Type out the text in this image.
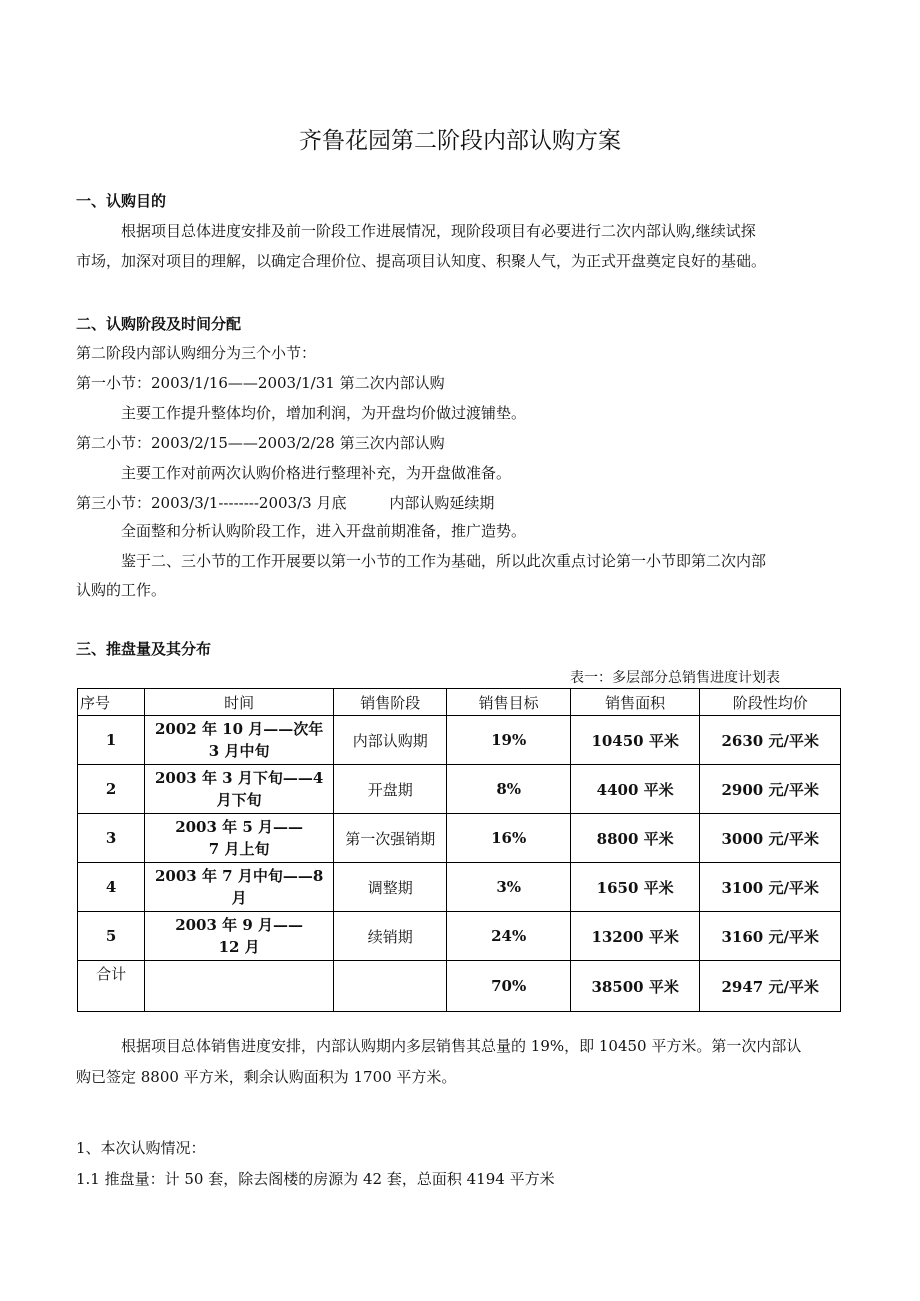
齐鲁花园第二阶段内部认购方案
一、认购目的
根据项目总体进度安排及前一阶段工作进展情况，现阶段项目有必要进行二次内部认购,继续试探
市场，加深对项目的理解，以确定合理价位、提高项目认知度、积聚人气，为正式开盘奠定良好的基础。
二、认购阶段及时间分配
第二阶段内部认购细分为三个小节：
第一小节：2003/1/16——2003/1/31 第二次内部认购
主要工作提升整体均价，增加利润，为开盘均价做过渡铺垫。
第二小节：2003/2/15——2003/2/28 第三次内部认购
主要工作对前两次认购价格进行整理补充，为开盘做准备。
第三小节：2003/3/1--------2003/3 月底         内部认购延续期
全面整和分析认购阶段工作，进入开盘前期准备，推广造势。
鉴于二、三小节的工作开展要以第一小节的工作为基础，所以此次重点讨论第一小节即第二次内部
认购的工作。
三、推盘量及其分布
表一：多层部分总销售进度计划表
序号	时间	销售阶段	销售目标	销售面积	阶段性均价
1	2002 年 10 月——次年
3 月中旬	内部认购期	19%	10450 平米	2630 元/平米
2	2003 年 3 月下旬——4
月下旬	开盘期	8%	4400 平米	2900 元/平米
3	2003 年 5 月——
7 月上旬	第一次强销期	16%	8800 平米	3000 元/平米
4	2003 年 7 月中旬——8
月	调整期	3%	1650 平米	3100 元/平米
5	2003 年 9 月——
12 月	续销期	24%	13200 平米	3160 元/平米
合计			70%	38500 平米	2947 元/平米
根据项目总体销售进度安排，内部认购期内多层销售其总量的 19%，即 10450 平方米。第一次内部认
购已签定 8800 平方米，剩余认购面积为 1700 平方米。
1、本次认购情况：
1.1 推盘量：计 50 套，除去阁楼的房源为 42 套，总面积 4194 平方米
